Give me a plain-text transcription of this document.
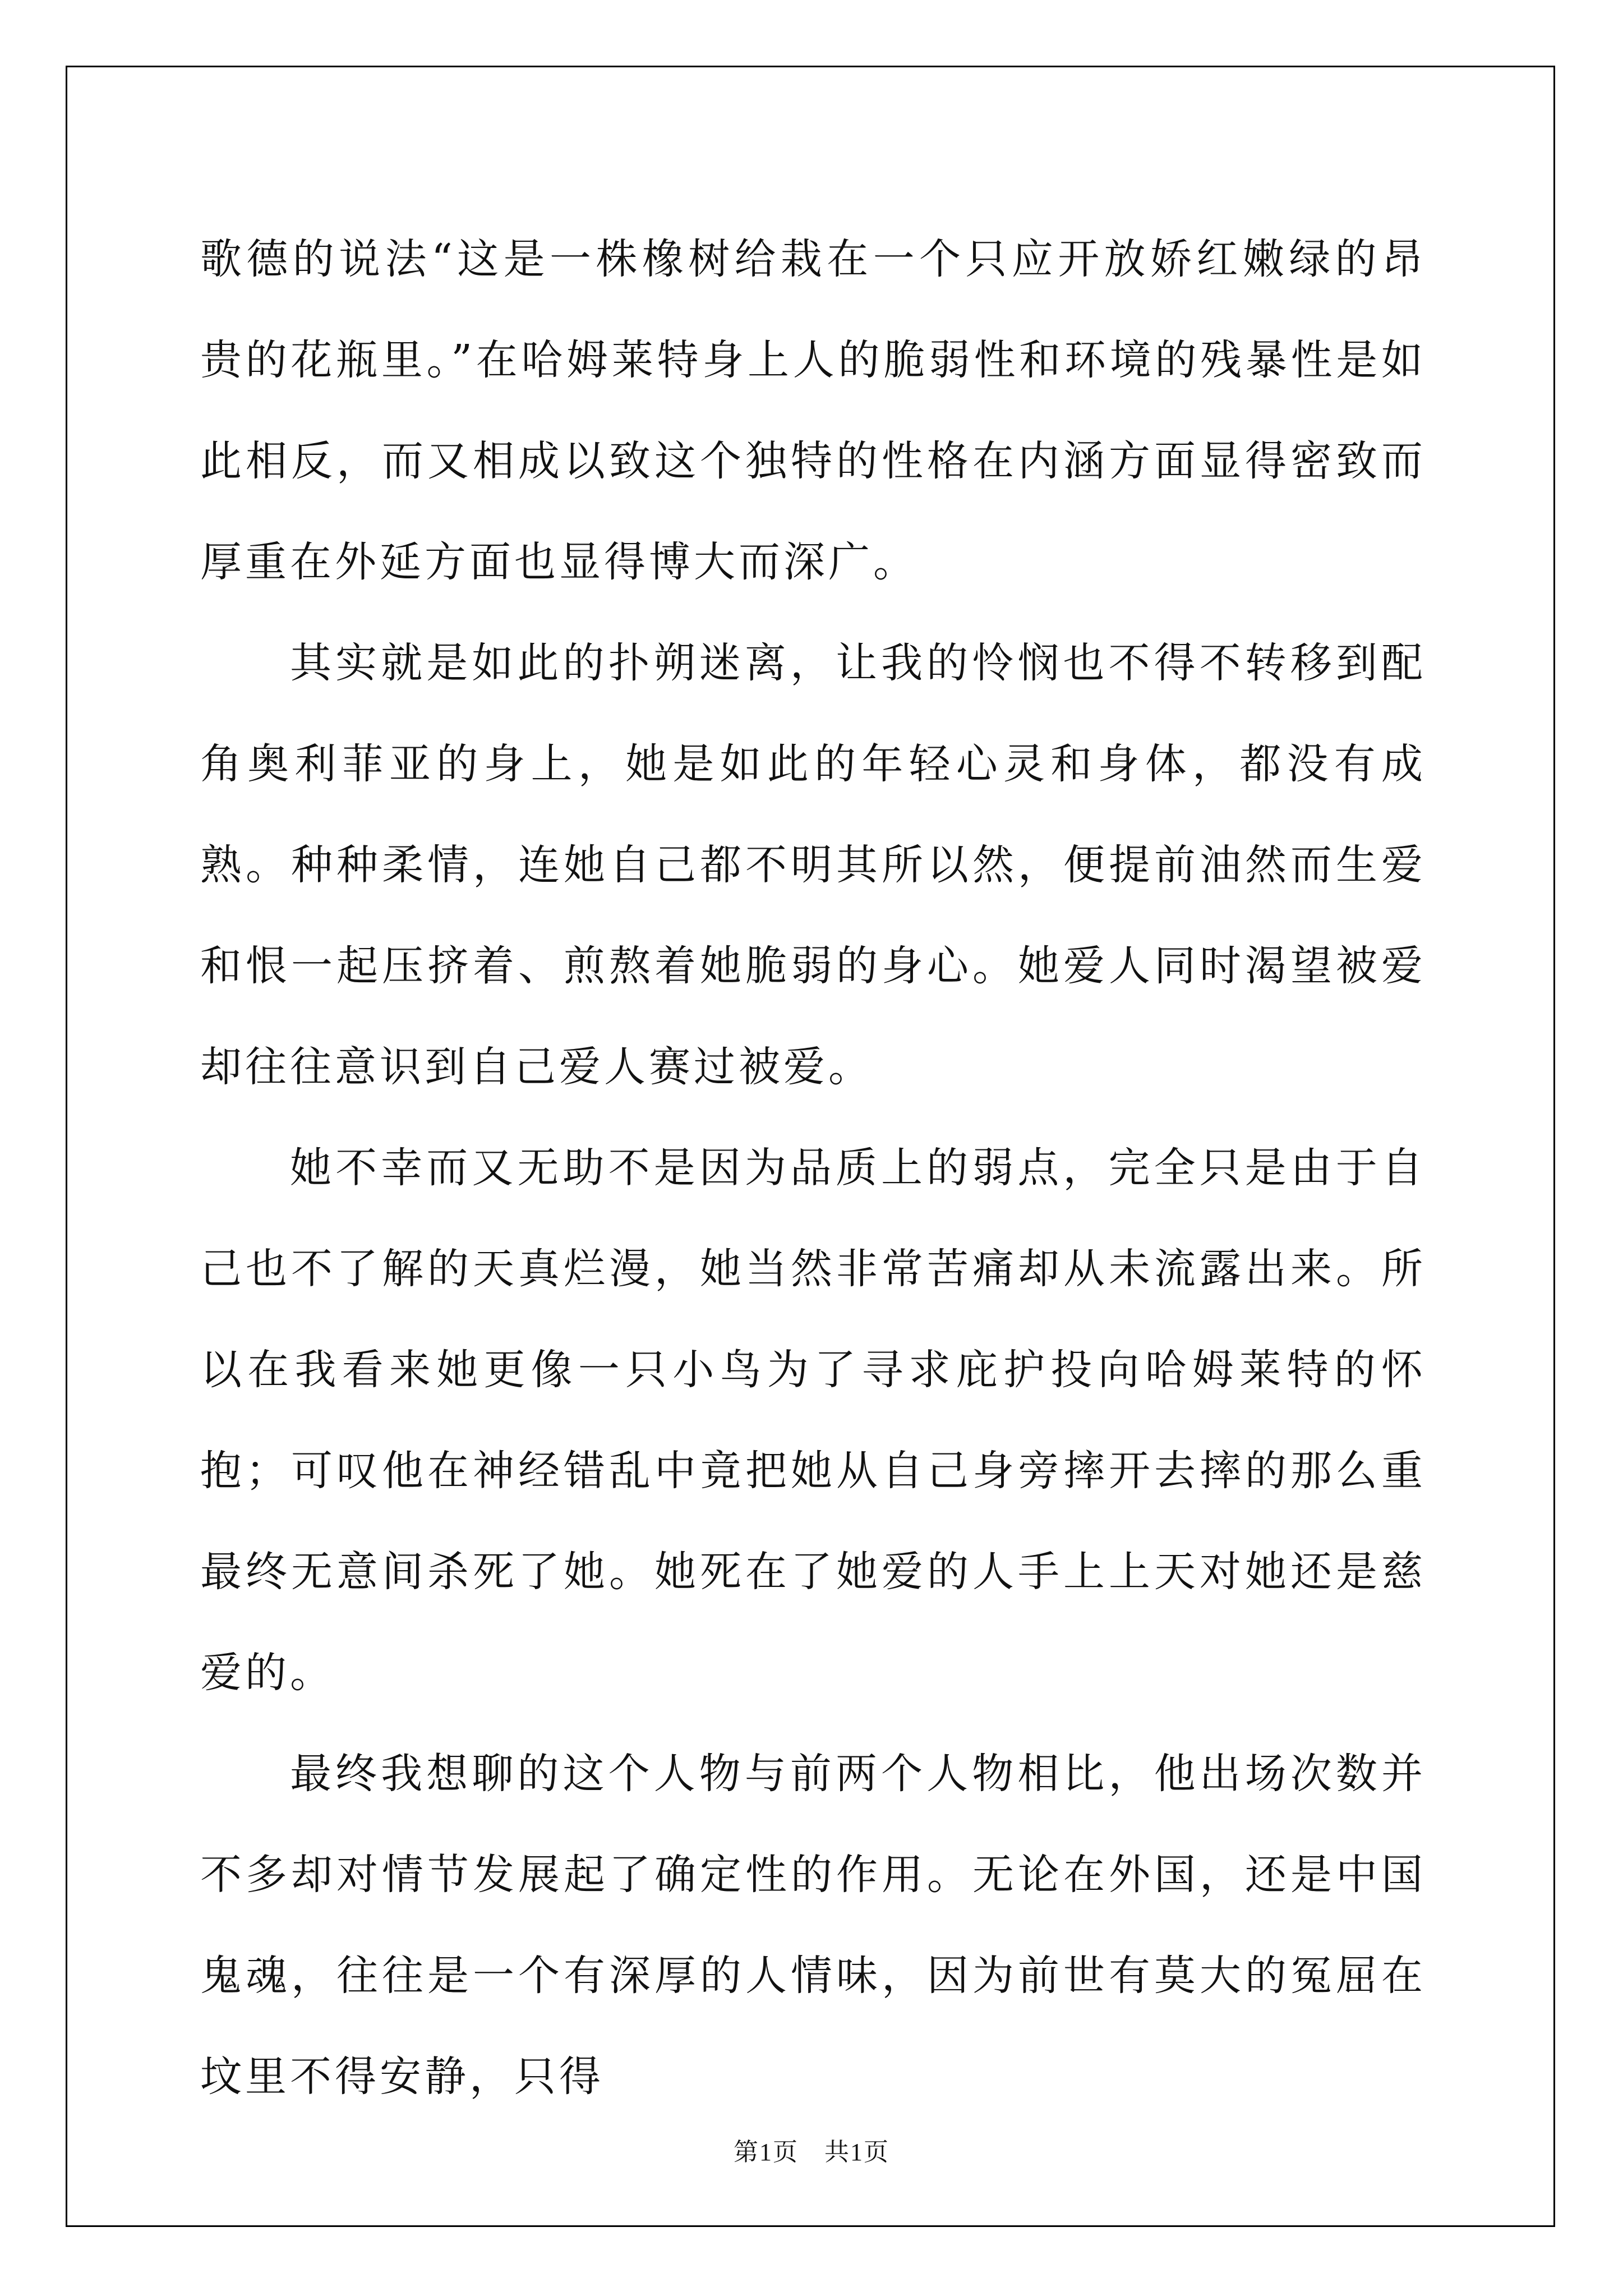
歌德的说法“这是一株橡树给栽在一个只应开放娇红嫩绿的昂贵的花瓶里。”在哈姆莱特身上人的脆弱性和环境的残暴性是如此相反，而又相成以致这个独特的性格在内涵方面显得密致而厚重在外延方面也显得博大而深广。

其实就是如此的扑朔迷离，让我的怜悯也不得不转移到配角奥利菲亚的身上，她是如此的年轻心灵和身体，都没有成熟。种种柔情，连她自己都不明其所以然，便提前油然而生爱和恨一起压挤着、煎熬着她脆弱的身心。她爱人同时渴望被爱却往往意识到自己爱人赛过被爱。

她不幸而又无助不是因为品质上的弱点，完全只是由于自己也不了解的天真烂漫，她当然非常苦痛却从未流露出来。所以在我看来她更像一只小鸟为了寻求庇护投向哈姆莱特的怀抱；可叹他在神经错乱中竟把她从自己身旁摔开去摔的那么重最终无意间杀死了她。她死在了她爱的人手上上天对她还是慈爱的。

最终我想聊的这个人物与前两个人物相比，他出场次数并不多却对情节发展起了确定性的作用。无论在外国，还是中国鬼魂，往往是一个有深厚的人情味，因为前世有莫大的冤屈在坟里不得安静，只得

第1页　共1页
